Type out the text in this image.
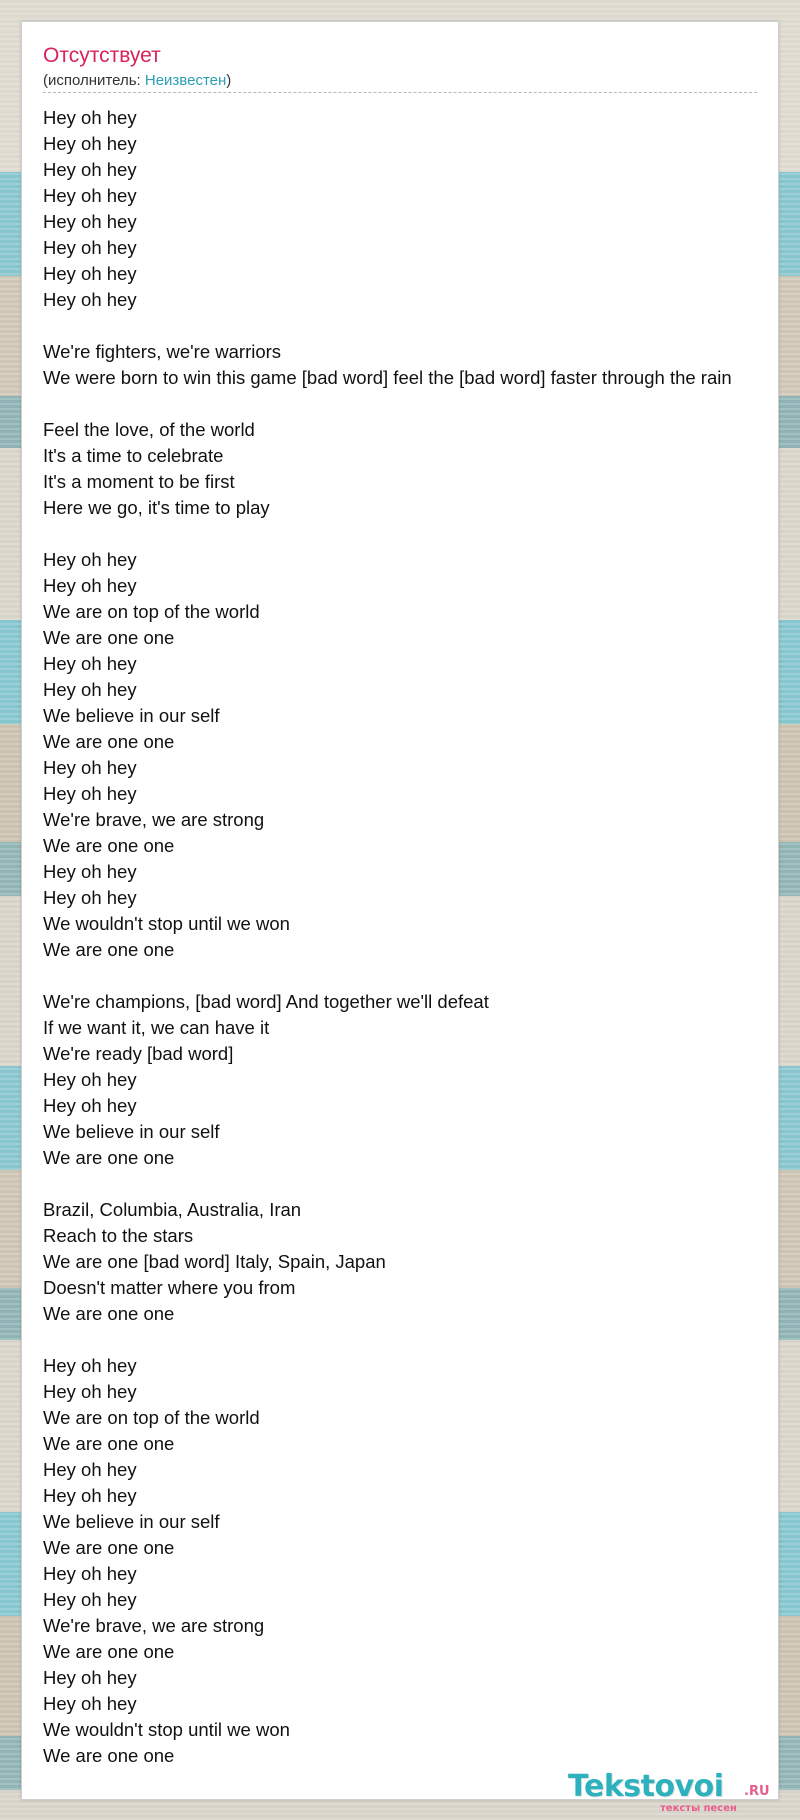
Отсутствует
(исполнитель: Неизвестен)
Hey oh hey
Hey oh hey
Hey oh hey
Hey oh hey
Hey oh hey
Hey oh hey
Hey oh hey
Hey oh hey
We're fighters, we're warriors
We were born to win this game [bad word] feel the [bad word] faster through the rain
Feel the love, of the world
It's a time to celebrate
It's a moment to be first
Here we go, it's time to play
Hey oh hey
Hey oh hey
We are on top of the world
We are one one
Hey oh hey
Hey oh hey
We believe in our self
We are one one
Hey oh hey
Hey oh hey
We're brave, we are strong
We are one one
Hey oh hey
Hey oh hey
We wouldn't stop until we won
We are one one
We're champions, [bad word] And together we'll defeat
If we want it, we can have it
We're ready [bad word]
Hey oh hey
Hey oh hey
We believe in our self
We are one one
Brazil, Columbia, Australia, Iran
Reach to the stars
We are one [bad word] Italy, Spain, Japan
Doesn't matter where you from
We are one one
Hey oh hey
Hey oh hey
We are on top of the world
We are one one
Hey oh hey
Hey oh hey
We believe in our self
We are one one
Hey oh hey
Hey oh hey
We're brave, we are strong
We are one one
Hey oh hey
Hey oh hey
We wouldn't stop until we won
We are one one
Tekstovoi .RU
тексты песен
